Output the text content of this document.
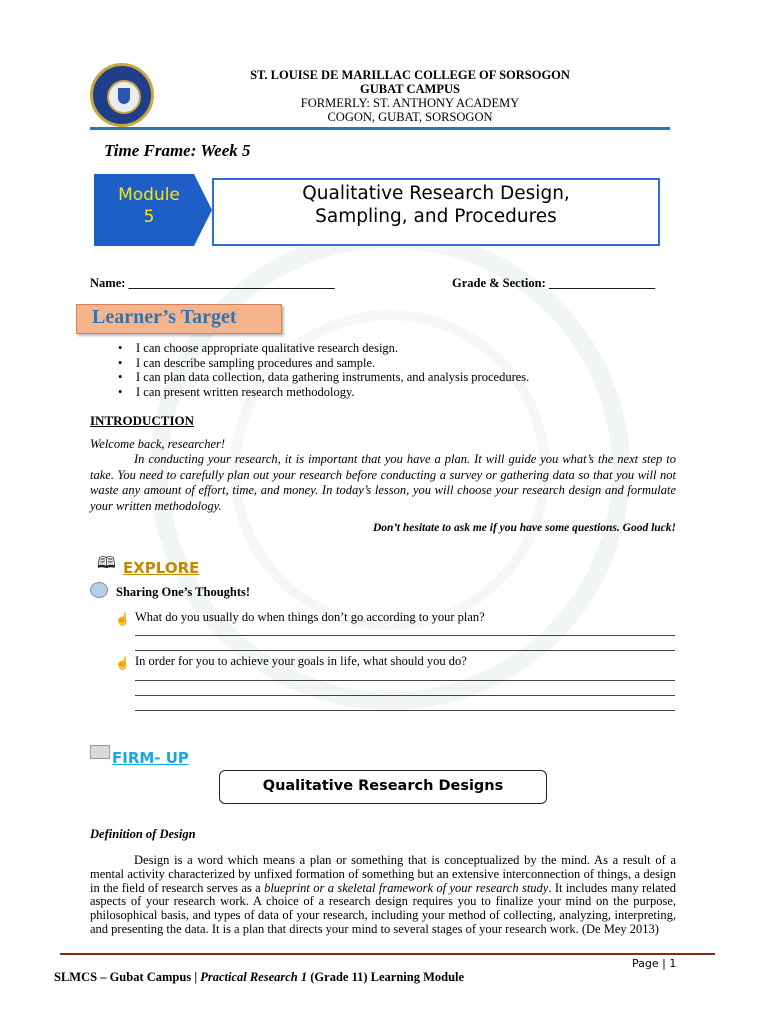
ST. LOUISE DE MARILLAC COLLEGE OF SORSOGON
GUBAT CAMPUS
FORMERLY: ST. ANTHONY ACADEMY
COGON, GUBAT, SORSOGON
Time Frame: Week 5
Module
5
Qualitative Research Design,
Sampling, and Procedures
Name: _________________________________	Grade & Section: _________________
Learner’s Target
• I can choose appropriate qualitative research design.
• I can describe sampling procedures and sample.
• I can plan data collection, data gathering instruments, and analysis procedures.
• I can present written research methodology.
INTRODUCTION

Welcome back, researcher!

In conducting your research, it is important that you have a plan. It will guide you what’s the next step to take. You need to carefully plan out your research before conducting a survey or gathering data so that you will not waste any amount of effort, time, and money. In today’s lesson, you will choose your research design and formulate your written methodology.

Don’t hesitate to ask me if you have some questions. Good luck!
🕮 EXPLORE
Sharing One’s Thoughts!
☝ What do you usually do when things don’t go according to your plan?
☝ In order for you to achieve your goals in life, what should you do?
FIRM- UP
Qualitative Research Designs
Definition of Design

Design is a word which means a plan or something that is conceptualized by the mind. As a result of a mental activity characterized by unfixed formation of something but an extensive interconnection of things, a design in the field of research serves as a blueprint or a skeletal framework of your research study. It includes many related aspects of your research work. A choice of a research design requires you to finalize your mind on the purpose, philosophical basis, and types of data of your research, including your method of collecting, analyzing, interpreting, and presenting the data. It is a plan that directs your mind to several stages of your research work. (De Mey 2013)

Page | 1
SLMCS – Gubat Campus | Practical Research 1 (Grade 11) Learning Module
